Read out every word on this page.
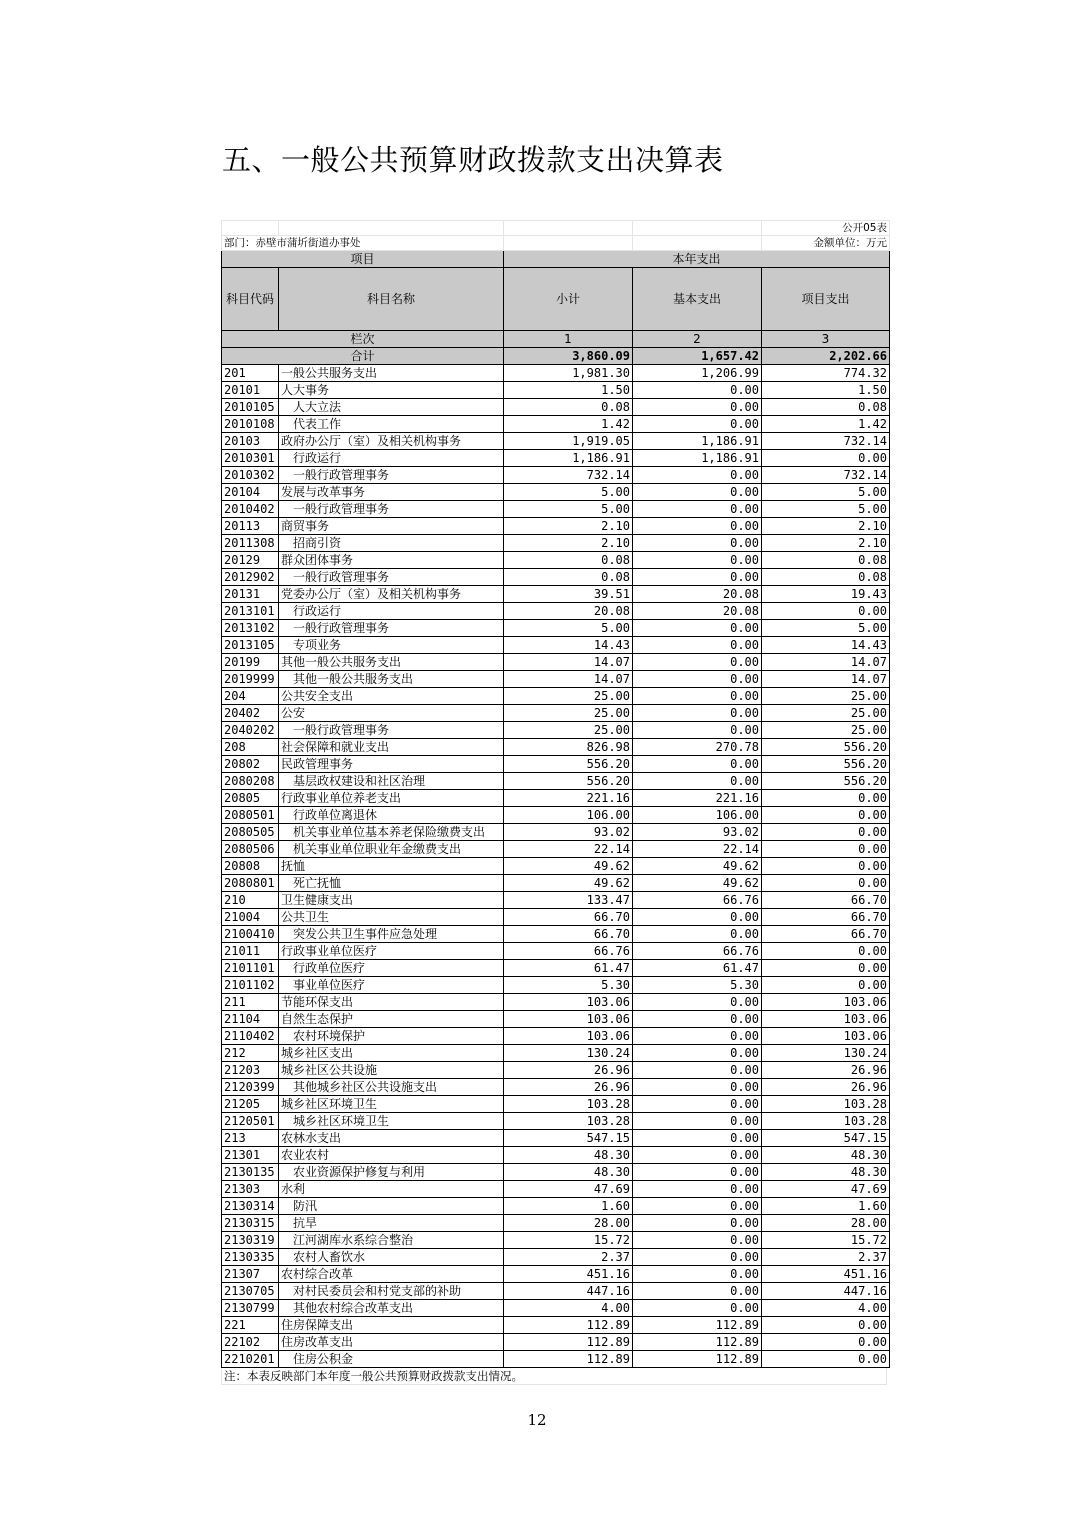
五、一般公共预算财政拨款支出决算表
				公开05表
部门：赤壁市蒲圻街道办事处				金额单位：万元
项目		本年支出		
科目代码	科目名称	小计	基本支出	项目支出
栏次		1	2	3
合计		3,860.09	1,657.42	2,202.66
201	一般公共服务支出	1,981.30	1,206.99	774.32
20101	人大事务	1.50	0.00	1.50
2010105	人大立法	0.08	0.00	0.08
2010108	代表工作	1.42	0.00	1.42
20103	政府办公厅（室）及相关机构事务	1,919.05	1,186.91	732.14
2010301	行政运行	1,186.91	1,186.91	0.00
2010302	一般行政管理事务	732.14	0.00	732.14
20104	发展与改革事务	5.00	0.00	5.00
2010402	一般行政管理事务	5.00	0.00	5.00
20113	商贸事务	2.10	0.00	2.10
2011308	招商引资	2.10	0.00	2.10
20129	群众团体事务	0.08	0.00	0.08
2012902	一般行政管理事务	0.08	0.00	0.08
20131	党委办公厅（室）及相关机构事务	39.51	20.08	19.43
2013101	行政运行	20.08	20.08	0.00
2013102	一般行政管理事务	5.00	0.00	5.00
2013105	专项业务	14.43	0.00	14.43
20199	其他一般公共服务支出	14.07	0.00	14.07
2019999	其他一般公共服务支出	14.07	0.00	14.07
204	公共安全支出	25.00	0.00	25.00
20402	公安	25.00	0.00	25.00
2040202	一般行政管理事务	25.00	0.00	25.00
208	社会保障和就业支出	826.98	270.78	556.20
20802	民政管理事务	556.20	0.00	556.20
2080208	基层政权建设和社区治理	556.20	0.00	556.20
20805	行政事业单位养老支出	221.16	221.16	0.00
2080501	行政单位离退休	106.00	106.00	0.00
2080505	机关事业单位基本养老保险缴费支出	93.02	93.02	0.00
2080506	机关事业单位职业年金缴费支出	22.14	22.14	0.00
20808	抚恤	49.62	49.62	0.00
2080801	死亡抚恤	49.62	49.62	0.00
210	卫生健康支出	133.47	66.76	66.70
21004	公共卫生	66.70	0.00	66.70
2100410	突发公共卫生事件应急处理	66.70	0.00	66.70
21011	行政事业单位医疗	66.76	66.76	0.00
2101101	行政单位医疗	61.47	61.47	0.00
2101102	事业单位医疗	5.30	5.30	0.00
211	节能环保支出	103.06	0.00	103.06
21104	自然生态保护	103.06	0.00	103.06
2110402	农村环境保护	103.06	0.00	103.06
212	城乡社区支出	130.24	0.00	130.24
21203	城乡社区公共设施	26.96	0.00	26.96
2120399	其他城乡社区公共设施支出	26.96	0.00	26.96
21205	城乡社区环境卫生	103.28	0.00	103.28
2120501	城乡社区环境卫生	103.28	0.00	103.28
213	农林水支出	547.15	0.00	547.15
21301	农业农村	48.30	0.00	48.30
2130135	农业资源保护修复与利用	48.30	0.00	48.30
21303	水利	47.69	0.00	47.69
2130314	防汛	1.60	0.00	1.60
2130315	抗旱	28.00	0.00	28.00
2130319	江河湖库水系综合整治	15.72	0.00	15.72
2130335	农村人畜饮水	2.37	0.00	2.37
21307	农村综合改革	451.16	0.00	451.16
2130705	对村民委员会和村党支部的补助	447.16	0.00	447.16
2130799	其他农村综合改革支出	4.00	0.00	4.00
221	住房保障支出	112.89	112.89	0.00
22102	住房改革支出	112.89	112.89	0.00
2210201	住房公积金	112.89	112.89	0.00
注：本表反映部门本年度一般公共预算财政拨款支出情况。
12
